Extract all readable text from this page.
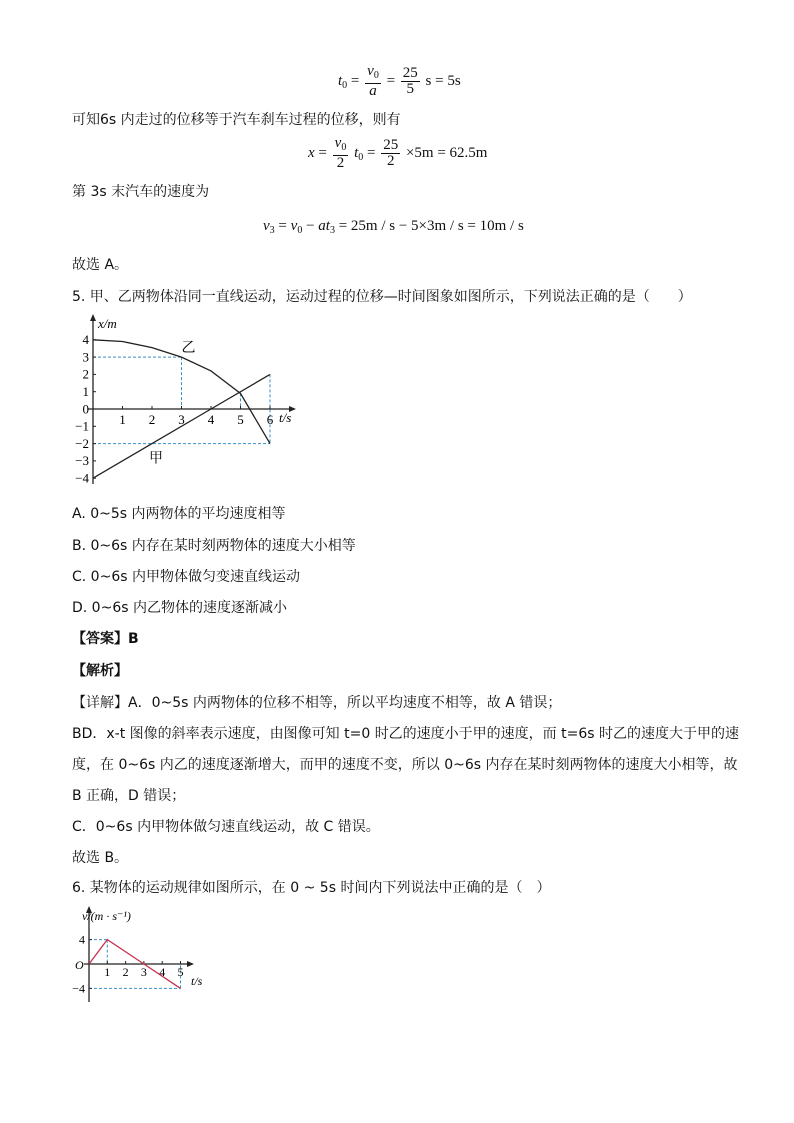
$t_0 = \frac{v_0}{a} = \frac{25}{5}$ s = 5s
可知6s 内走过的位移等于汽车刹车过程的位移，则有
$x = \frac{v_0}{2} t_0 = \frac{25}{2} \times 5m = 62.5m$
第 3s 末汽车的速度为
$v_3 = v_0 - at_3 = 25m / s - 5\times 3m / s = 10m / s$
故选 A。
5. 甲、乙两物体沿同一直线运动，运动过程的位移—时间图象如图所示，下列说法正确的是（　　）
1 2 3 4 5 6
4
3
2
1
0
−1
−2
−3
−4
甲
乙
t/s
x/m
A. 0~5s 内两物体的平均速度相等
B. 0~6s 内存在某时刻两物体的速度大小相等
C. 0~6s 内甲物体做匀变速直线运动
D. 0~6s 内乙物体的速度逐渐减小
【答案】B
【解析】
【详解】A．0~5s 内两物体的位移不相等，所以平均速度不相等，故 A 错误；
BD．x-t 图像的斜率表示速度，由图像可知 t=0 时乙的速度小于甲的速度，而 t=6s 时乙的速度大于甲的速
度，在 0~6s 内乙的速度逐渐增大，而甲的速度不变，所以 0~6s 内存在某时刻两物体的速度大小相等，故
B 正确，D 错误；
C．0~6s 内甲物体做匀速直线运动，故 C 错误。
故选 B。
6. 某物体的运动规律如图所示，在 0 ~ 5s 时间内下列说法中正确的是（　）
1 2 3 4 5
4
−4
t/s
v/(m · s⁻¹)
O
